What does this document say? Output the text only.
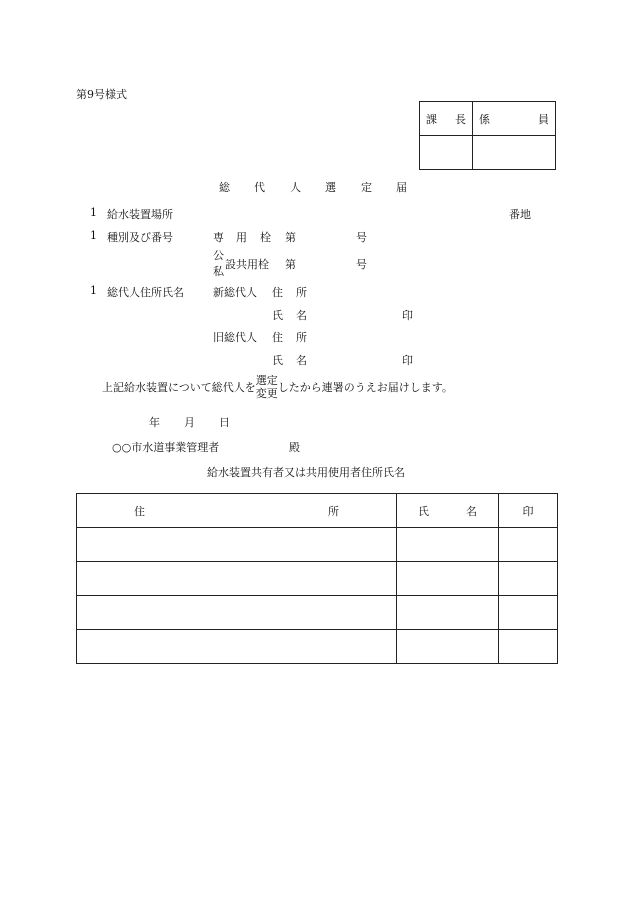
第9号様式
課 長	係 員

総 代 人 選 定 届
1 給水装置場所	番地
1 種別及び番号	専 用 栓 第	号
公
私
設共用栓 第	号
1 総代人住所氏名	新総代人 住 所
氏 名	印
旧総代人 住 所
氏 名	印
上記給水装置について総代人を
選定
変更 したから連署のうえお届けします。
年 月 日
○○市水道事業管理者	殿
給水装置共有者又は共用使用者住所氏名
住 所	氏 名	印
